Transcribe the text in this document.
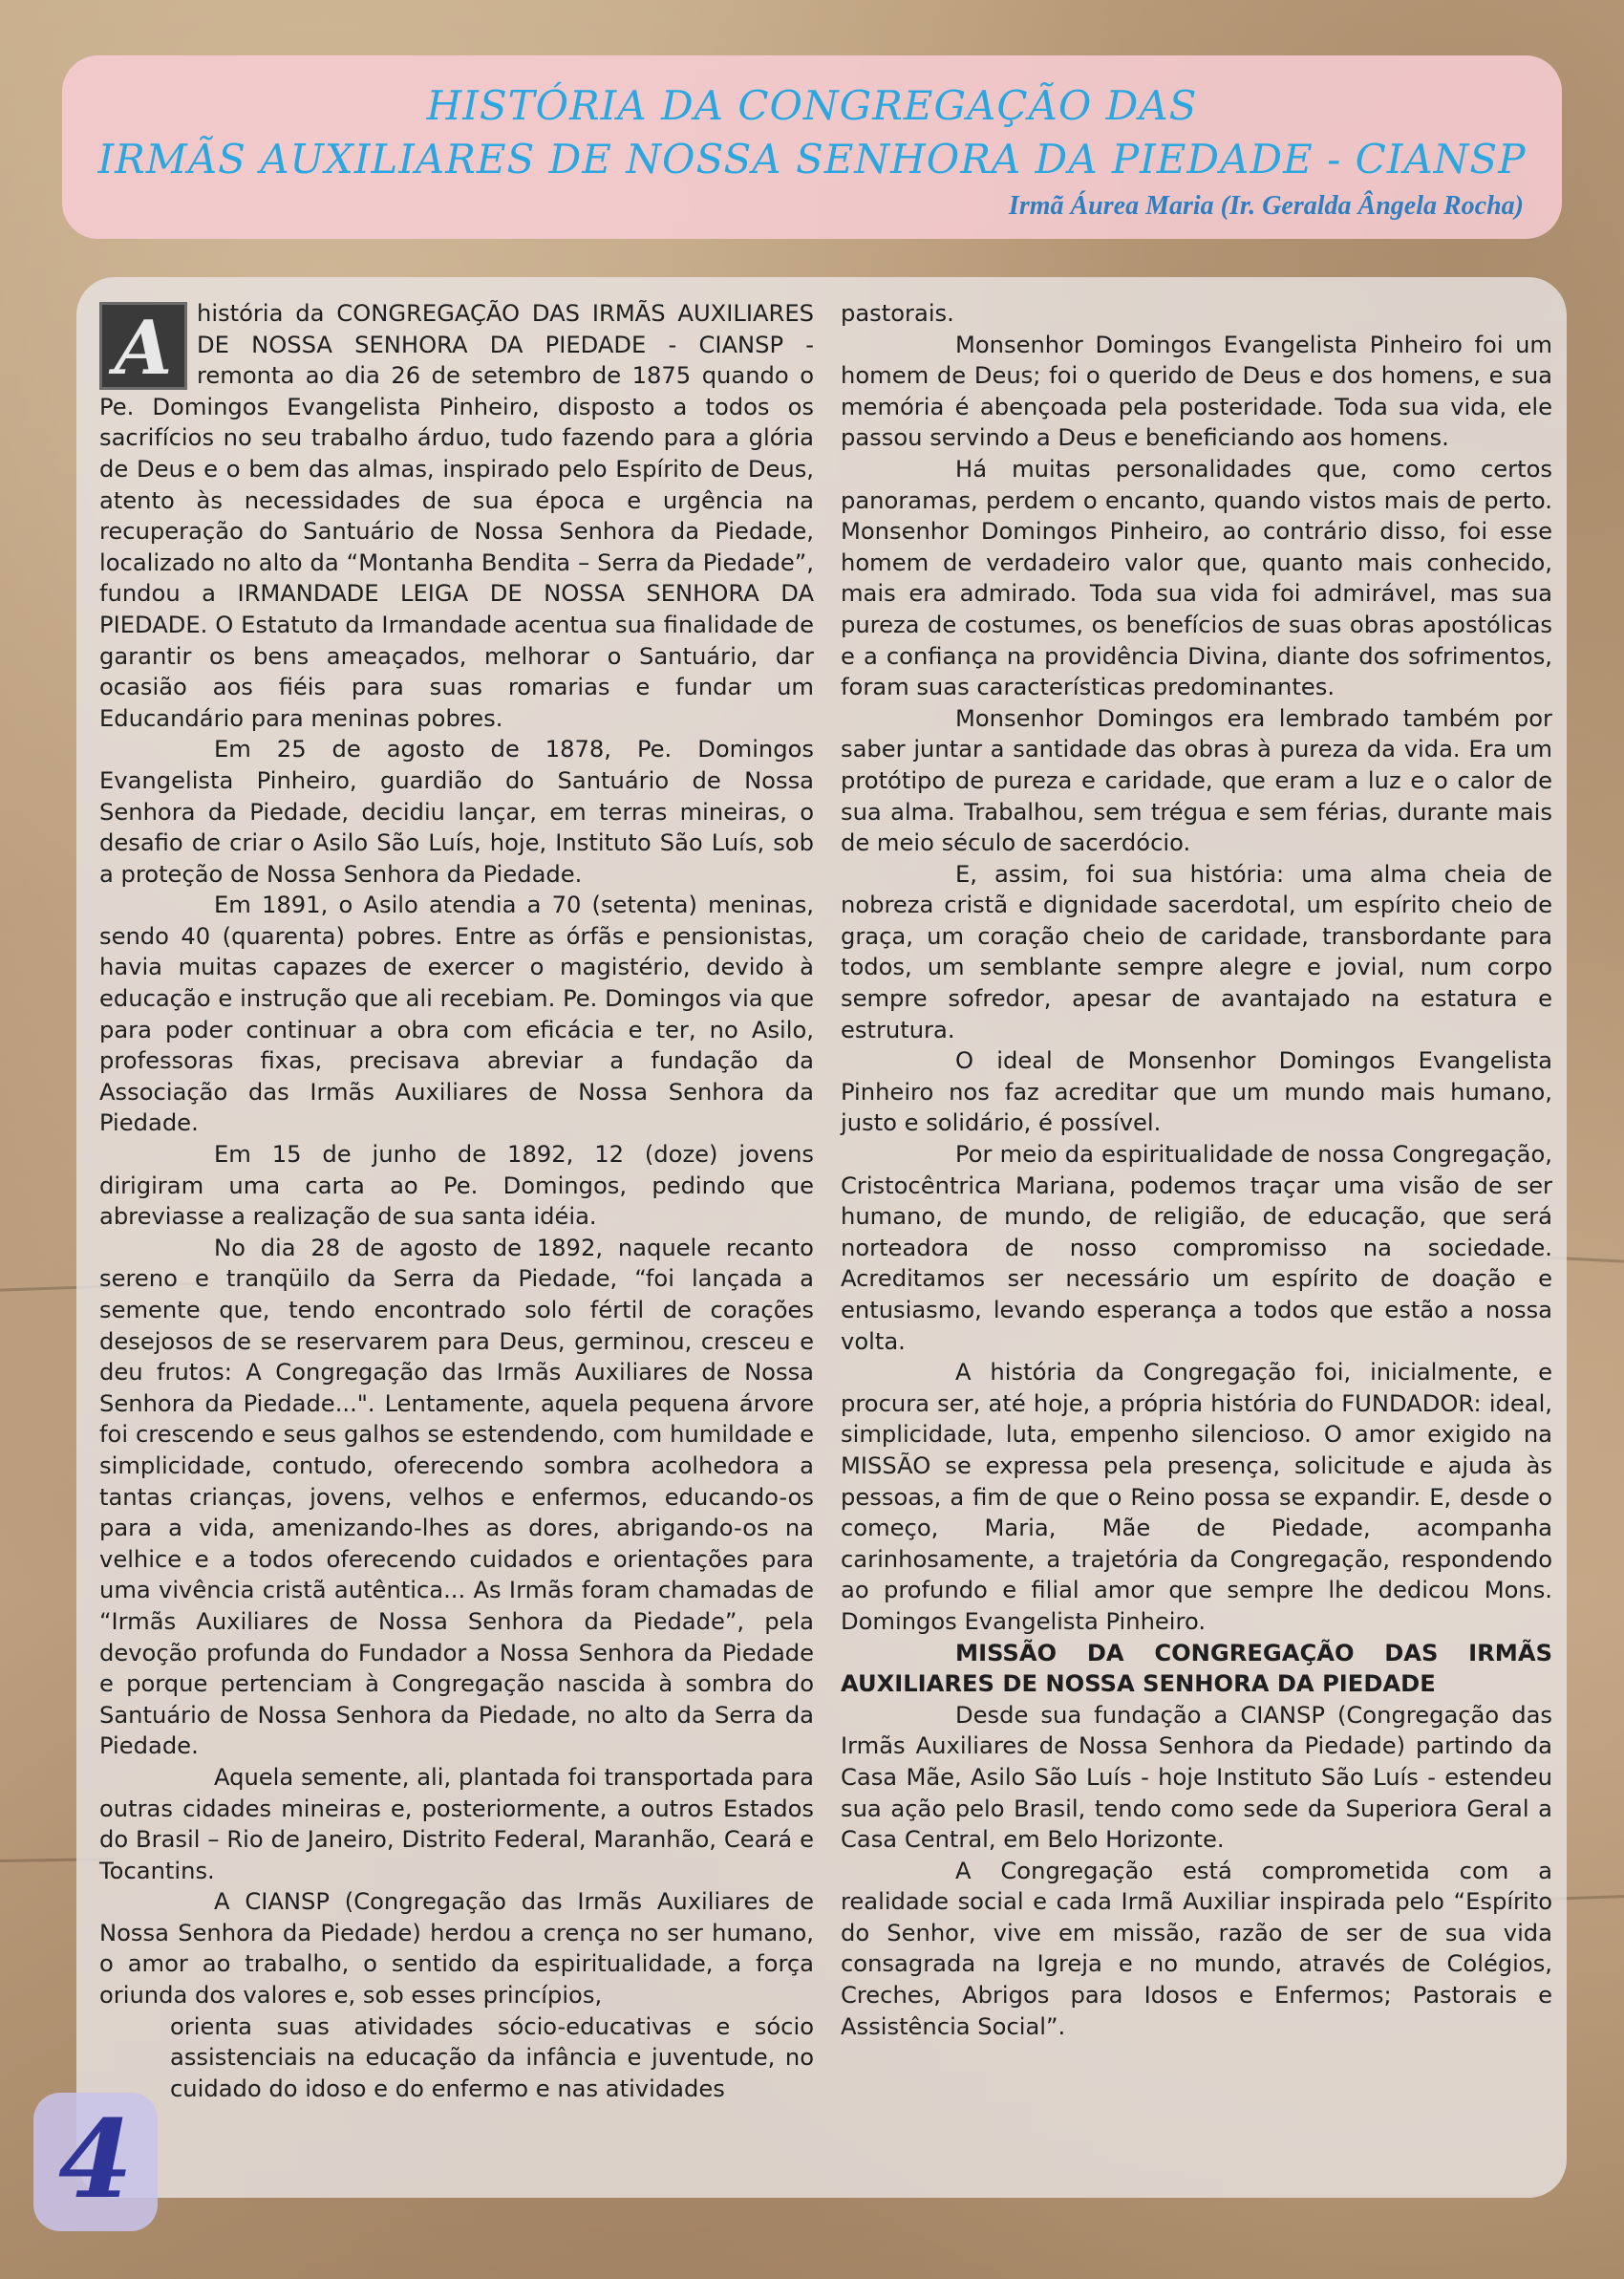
HISTÓRIA DA CONGREGAÇÃO DAS
IRMÃS AUXILIARES DE NOSSA SENHORA DA PIEDADE - CIANSP
Irmã Áurea Maria (Ir. Geralda Ângela Rocha)

A	história da CONGREGAÇÃO DAS IRMÃS AUXILIARES DE NOSSA SENHORA DA PIEDADE - CIANSP - remonta ao dia 26 de setembro de 1875 quando o Pe. Domingos Evangelista Pinheiro, disposto a todos os sacrifícios no seu trabalho árduo, tudo fazendo para a glória de Deus e o bem das almas, inspirado pelo Espírito de Deus, atento às necessidades de sua época e urgência na recuperação do Santuário de Nossa Senhora da Piedade, localizado no alto da “Montanha Bendita – Serra da Piedade”, fundou a IRMANDADE LEIGA DE NOSSA SENHORA DA PIEDADE. O Estatuto da Irmandade acentua sua finalidade de garantir os bens ameaçados, melhorar o Santuário, dar ocasião aos fiéis para suas romarias e fundar um Educandário para meninas pobres.

Em 25 de agosto de 1878, Pe. Domingos Evangelista Pinheiro, guardião do Santuário de Nossa Senhora da Piedade, decidiu lançar, em terras mineiras, o desafio de criar o Asilo São Luís, hoje, Instituto São Luís, sob a proteção de Nossa Senhora da Piedade.

Em 1891, o Asilo atendia a 70 (setenta) meninas, sendo 40 (quarenta) pobres. Entre as órfãs e pensionistas, havia muitas capazes de exercer o magistério, devido à educação e instrução que ali recebiam. Pe. Domingos via que para poder continuar a obra com eficácia e ter, no Asilo, professoras fixas, precisava abreviar a fundação da Associação das Irmãs Auxiliares de Nossa Senhora da Piedade.

Em 15 de junho de 1892, 12 (doze) jovens dirigiram uma carta ao Pe. Domingos, pedindo que abreviasse a realização de sua santa idéia.

No dia 28 de agosto de 1892, naquele recanto sereno e tranqüilo da Serra da Piedade, “foi lançada a semente que, tendo encontrado solo fértil de corações desejosos de se reservarem para Deus, germinou, cresceu e deu frutos: A Congregação das Irmãs Auxiliares de Nossa Senhora da Piedade...". Lentamente, aquela pequena árvore foi crescendo e seus galhos se estendendo, com humildade e simplicidade, contudo, oferecendo sombra acolhedora a tantas crianças, jovens, velhos e enfermos, educando-os para a vida, amenizando-lhes as dores, abrigando-os na velhice e a todos oferecendo cuidados e orientações para uma vivência cristã autêntica... As Irmãs foram chamadas de “Irmãs Auxiliares de Nossa Senhora da Piedade”, pela devoção profunda do Fundador a Nossa Senhora da Piedade e porque pertenciam à Congregação nascida à sombra do Santuário de Nossa Senhora da Piedade, no alto da Serra da Piedade.

Aquela semente, ali, plantada foi transportada para outras cidades mineiras e, posteriormente, a outros Estados do Brasil – Rio de Janeiro, Distrito Federal, Maranhão, Ceará e Tocantins.

A CIANSP (Congregação das Irmãs Auxiliares de Nossa Senhora da Piedade) herdou a crença no ser humano, o amor ao trabalho, o sentido da espiritualidade, a força oriunda dos valores e, sob esses princípios,

orienta suas atividades sócio-educativas e sócio assistenciais na educação da infância e juventude, no cuidado do idoso e do enfermo e nas atividades

pastorais.

Monsenhor Domingos Evangelista Pinheiro foi um homem de Deus; foi o querido de Deus e dos homens, e sua memória é abençoada pela posteridade. Toda sua vida, ele passou servindo a Deus e beneficiando aos homens.

Há muitas personalidades que, como certos panoramas, perdem o encanto, quando vistos mais de perto. Monsenhor Domingos Pinheiro, ao contrário disso, foi esse homem de verdadeiro valor que, quanto mais conhecido, mais era admirado. Toda sua vida foi admirável, mas sua pureza de costumes, os benefícios de suas obras apostólicas e a confiança na providência Divina, diante dos sofrimentos, foram suas características predominantes.

Monsenhor Domingos era lembrado também por saber juntar a santidade das obras à pureza da vida. Era um protótipo de pureza e caridade, que eram a luz e o calor de sua alma. Trabalhou, sem trégua e sem férias, durante mais de meio século de sacerdócio.

E, assim, foi sua história: uma alma cheia de nobreza cristã e dignidade sacerdotal, um espírito cheio de graça, um coração cheio de caridade, transbordante para todos, um semblante sempre alegre e jovial, num corpo sempre sofredor, apesar de avantajado na estatura e estrutura.

O ideal de Monsenhor Domingos Evangelista Pinheiro nos faz acreditar que um mundo mais humano, justo e solidário, é possível.

Por meio da espiritualidade de nossa Congregação, Cristocêntrica Mariana, podemos traçar uma visão de ser humano, de mundo, de religião, de educação, que será norteadora de nosso compromisso na sociedade. Acreditamos ser necessário um espírito de doação e entusiasmo, levando esperança a todos que estão a nossa volta.

A história da Congregação foi, inicialmente, e procura ser, até hoje, a própria história do FUNDADOR: ideal, simplicidade, luta, empenho silencioso. O amor exigido na MISSÃO se expressa pela presença, solicitude e ajuda às pessoas, a fim de que o Reino possa se expandir. E, desde o começo, Maria, Mãe de Piedade, acompanha carinhosamente, a trajetória da Congregação, respondendo ao profundo e filial amor que sempre lhe dedicou Mons. Domingos Evangelista Pinheiro.

MISSÃO DA CONGREGAÇÃO DAS IRMÃS AUXILIARES DE NOSSA SENHORA DA PIEDADE

Desde sua fundação a CIANSP (Congregação das Irmãs Auxiliares de Nossa Senhora da Piedade) partindo da Casa Mãe, Asilo São Luís - hoje Instituto São Luís - estendeu sua ação pelo Brasil, tendo como sede da Superiora Geral a Casa Central, em Belo Horizonte.

A Congregação está comprometida com a realidade social e cada Irmã Auxiliar inspirada pelo “Espírito do Senhor, vive em missão, razão de ser de sua vida consagrada na Igreja e no mundo, através de Colégios, Creches, Abrigos para Idosos e Enfermos; Pastorais e Assistência Social”.

4
